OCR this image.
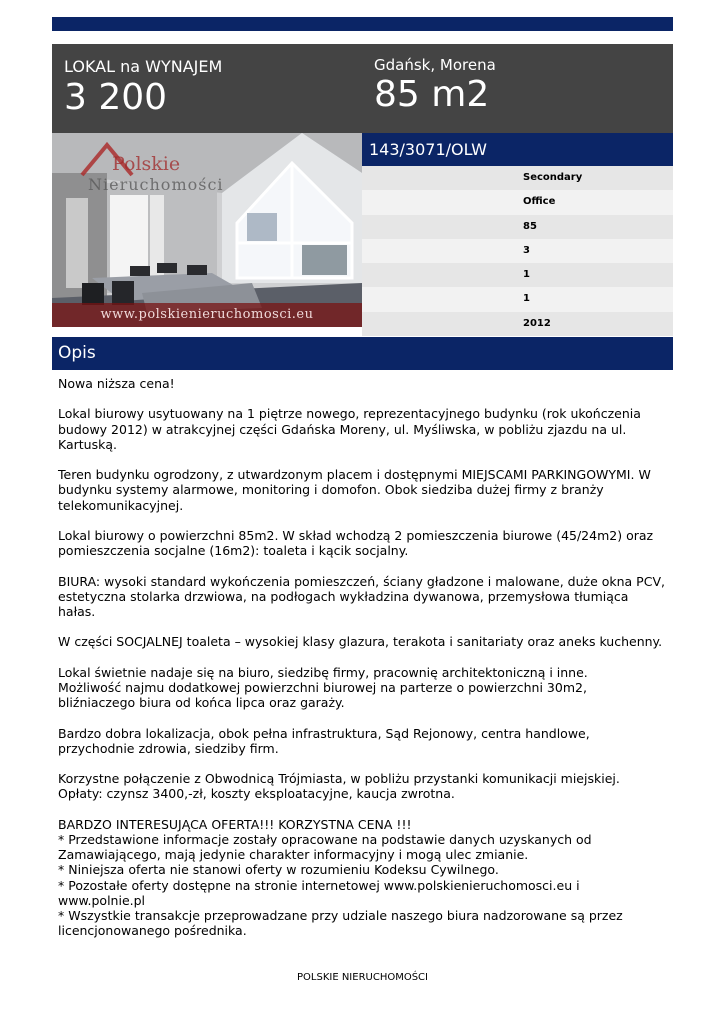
LOKAL na WYNAJEM
3 200
Gdańsk, Morena
85 m2
Polskie
Nieruchomości
www.polskienieruchomosci.eu
143/3071/OLW
Secondary
Office
85
3
1
1
2012
Opis

Nowa niższa cena!

Lokal biurowy usytuowany na 1 piętrze nowego, reprezentacyjnego budynku (rok ukończenia budowy 2012) w atrakcyjnej części Gdańska Moreny, ul. Myśliwska, w pobliżu zjazdu na ul. Kartuską.

Teren budynku ogrodzony, z utwardzonym placem i dostępnymi MIEJSCAMI PARKINGOWYMI. W budynku systemy alarmowe, monitoring i domofon. Obok siedziba dużej firmy z branży telekomunikacyjnej.

Lokal biurowy o powierzchni 85m2. W skład wchodzą 2 pomieszczenia biurowe (45/24m2) oraz pomieszczenia socjalne (16m2): toaleta i kącik socjalny.

BIURA: wysoki standard wykończenia pomieszczeń, ściany gładzone i malowane, duże okna PCV, estetyczna stolarka drzwiowa, na podłogach wykładzina dywanowa, przemysłowa tłumiąca hałas.

W części SOCJALNEJ toaleta – wysokiej klasy glazura, terakota i sanitariaty oraz aneks kuchenny.

Lokal świetnie nadaje się na biuro, siedzibę firmy, pracownię architektoniczną i inne.
Możliwość najmu dodatkowej powierzchni biurowej na parterze o powierzchni 30m2, bliźniaczego biura od końca lipca oraz garaży.

Bardzo dobra lokalizacja, obok pełna infrastruktura, Sąd Rejonowy, centra handlowe, przychodnie zdrowia, siedziby firm.

Korzystne połączenie z Obwodnicą Trójmiasta, w pobliżu przystanki komunikacji miejskiej.
Opłaty: czynsz 3400,-zł, koszty eksploatacyjne, kaucja zwrotna.

BARDZO INTERESUJĄCA OFERTA!!! KORZYSTNA CENA !!!
* Przedstawione informacje zostały opracowane na podstawie danych uzyskanych od Zamawiającego, mają jedynie charakter informacyjny i mogą ulec zmianie.
* Niniejsza oferta nie stanowi oferty w rozumieniu Kodeksu Cywilnego.
* Pozostałe oferty dostępne na stronie internetowej www.polskienieruchomosci.eu i www.polnie.pl
* Wszystkie transakcje przeprowadzane przy udziale naszego biura nadzorowane są przez licencjonowanego pośrednika.

POLSKIE NIERUCHOMOŚCI
